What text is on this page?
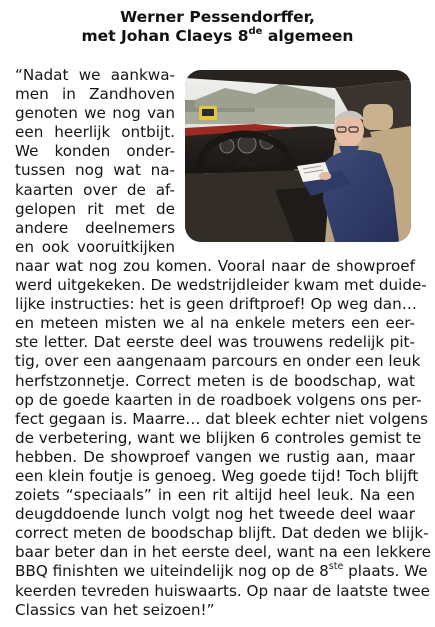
Werner Pessendorffer,
met Johan Claeys 8de algemeen
“Nadat we aankwa-
men in Zandhoven
genoten we nog van
een heerlijk ontbijt.
We konden onder-
tussen nog wat na-
kaarten over de af-
gelopen rit met de
andere deelnemers
en ook vooruitkijken
naar wat nog zou komen. Vooral naar de showproef
werd uitgekeken. De wedstrijdleider kwam met duide-
lijke instructies: het is geen driftproef! Op weg dan…
en meteen misten we al na enkele meters een eer-
ste letter. Dat eerste deel was trouwens redelijk pit-
tig, over een aangenaam parcours en onder een leuk
herfstzonnetje. Correct meten is de boodschap, wat
op de goede kaarten in de roadboek volgens ons per-
fect gegaan is. Maarre… dat bleek echter niet volgens
de verbetering, want we blijken 6 controles gemist te
hebben. De showproef vangen we rustig aan, maar
een klein foutje is genoeg. Weg goede tijd! Toch blijft
zoiets “speciaals” in een rit altijd heel leuk. Na een
deugddoende lunch volgt nog het tweede deel waar
correct meten de boodschap blijft. Dat deden we blijk-
baar beter dan in het eerste deel, want na een lekkere
BBQ finishten we uiteindelijk nog op de 8ste plaats. We
keerden tevreden huiswaarts. Op naar de laatste twee
Classics van het seizoen!”
